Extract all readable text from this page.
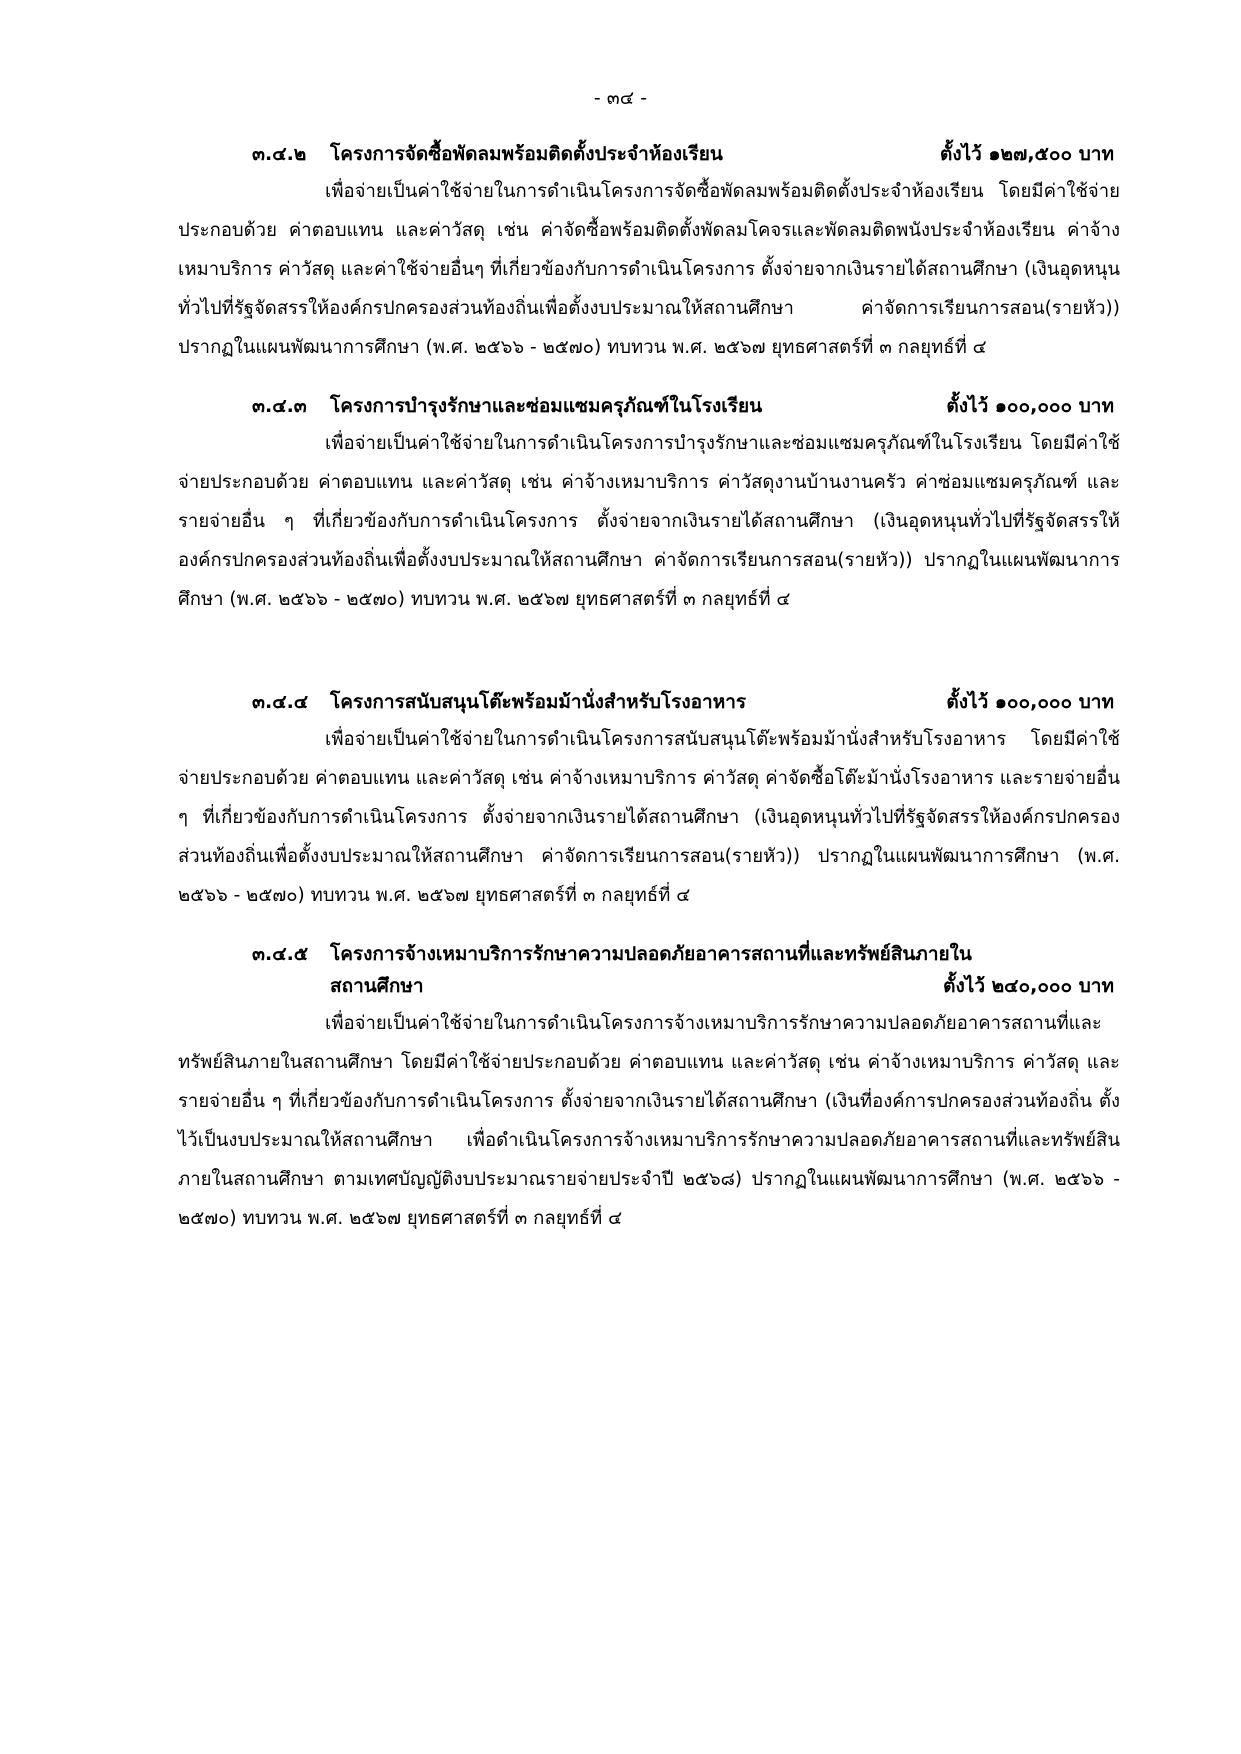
- ๓๔ -
๓.๔.๒ โครงการจัดซื้อพัดลมพร้อมติดตั้งประจำห้องเรียน	ตั้งไว้ ๑๒๗,๕๐๐ บาท
เพื่อจ่ายเป็นค่าใช้จ่ายในการดำเนินโครงการจัดซื้อพัดลมพร้อมติดตั้งประจำห้องเรียน โดยมีค่าใช้จ่ายประกอบด้วย ค่าตอบแทน และค่าวัสดุ เช่น ค่าจัดซื้อพร้อมติดตั้งพัดลมโคจรและพัดลมติดพนังประจำห้องเรียน ค่าจ้างเหมาบริการ ค่าวัสดุ และค่าใช้จ่ายอื่นๆ ที่เกี่ยวข้องกับการดำเนินโครงการ ตั้งจ่ายจากเงินรายได้สถานศึกษา (เงินอุดหนุนทั่วไปที่รัฐจัดสรรให้องค์กรปกครองส่วนท้องถิ่นเพื่อตั้งงบประมาณให้สถานศึกษา ค่าจัดการเรียนการสอน(รายหัว)) ปรากฏในแผนพัฒนาการศึกษา (พ.ศ. ๒๕๖๖ - ๒๕๗๐) ทบทวน พ.ศ. ๒๕๖๗ ยุทธศาสตร์ที่ ๓ กลยุทธ์ที่ ๔
๓.๔.๓ โครงการบำรุงรักษาและซ่อมแซมครุภัณฑ์ในโรงเรียน	ตั้งไว้ ๑๐๐,๐๐๐ บาท
เพื่อจ่ายเป็นค่าใช้จ่ายในการดำเนินโครงการบำรุงรักษาและซ่อมแซมครุภัณฑ์ในโรงเรียน โดยมีค่าใช้จ่ายประกอบด้วย ค่าตอบแทน และค่าวัสดุ เช่น ค่าจ้างเหมาบริการ ค่าวัสดุงานบ้านงานครัว ค่าซ่อมแซมครุภัณฑ์ และรายจ่ายอื่น ๆ ที่เกี่ยวข้องกับการดำเนินโครงการ ตั้งจ่ายจากเงินรายได้สถานศึกษา (เงินอุดหนุนทั่วไปที่รัฐจัดสรรให้องค์กรปกครองส่วนท้องถิ่นเพื่อตั้งงบประมาณให้สถานศึกษา ค่าจัดการเรียนการสอน(รายหัว)) ปรากฏในแผนพัฒนาการศึกษา (พ.ศ. ๒๕๖๖ - ๒๕๗๐) ทบทวน พ.ศ. ๒๕๖๗ ยุทธศาสตร์ที่ ๓ กลยุทธ์ที่ ๔
๓.๔.๔ โครงการสนับสนุนโต๊ะพร้อมม้านั่งสำหรับโรงอาหาร	ตั้งไว้ ๑๐๐,๐๐๐ บาท
เพื่อจ่ายเป็นค่าใช้จ่ายในการดำเนินโครงการสนับสนุนโต๊ะพร้อมม้านั่งสำหรับโรงอาหาร โดยมีค่าใช้จ่ายประกอบด้วย ค่าตอบแทน และค่าวัสดุ เช่น ค่าจ้างเหมาบริการ ค่าวัสดุ ค่าจัดซื้อโต๊ะม้านั่งโรงอาหาร และรายจ่ายอื่น ๆ ที่เกี่ยวข้องกับการดำเนินโครงการ ตั้งจ่ายจากเงินรายได้สถานศึกษา (เงินอุดหนุนทั่วไปที่รัฐจัดสรรให้องค์กรปกครองส่วนท้องถิ่นเพื่อตั้งงบประมาณให้สถานศึกษา ค่าจัดการเรียนการสอน(รายหัว)) ปรากฏในแผนพัฒนาการศึกษา (พ.ศ. ๒๕๖๖ - ๒๕๗๐) ทบทวน พ.ศ. ๒๕๖๗ ยุทธศาสตร์ที่ ๓ กลยุทธ์ที่ ๔
๓.๔.๕ โครงการจ้างเหมาบริการรักษาความปลอดภัยอาคารสถานที่และทรัพย์สินภายใน
สถานศึกษา	ตั้งไว้ ๒๔๐,๐๐๐ บาท
เพื่อจ่ายเป็นค่าใช้จ่ายในการดำเนินโครงการจ้างเหมาบริการรักษาความปลอดภัยอาคารสถานที่และทรัพย์สินภายในสถานศึกษา โดยมีค่าใช้จ่ายประกอบด้วย ค่าตอบแทน และค่าวัสดุ เช่น ค่าจ้างเหมาบริการ ค่าวัสดุ และรายจ่ายอื่น ๆ ที่เกี่ยวข้องกับการดำเนินโครงการ ตั้งจ่ายจากเงินรายได้สถานศึกษา (เงินที่องค์การปกครองส่วนท้องถิ่น ตั้งไว้เป็นงบประมาณให้สถานศึกษา เพื่อดำเนินโครงการจ้างเหมาบริการรักษาความปลอดภัยอาคารสถานที่และทรัพย์สินภายในสถานศึกษา ตามเทศบัญญัติงบประมาณรายจ่ายประจำปี ๒๕๖๘) ปรากฏในแผนพัฒนาการศึกษา (พ.ศ. ๒๕๖๖ - ๒๕๗๐) ทบทวน พ.ศ. ๒๕๖๗ ยุทธศาสตร์ที่ ๓ กลยุทธ์ที่ ๔
